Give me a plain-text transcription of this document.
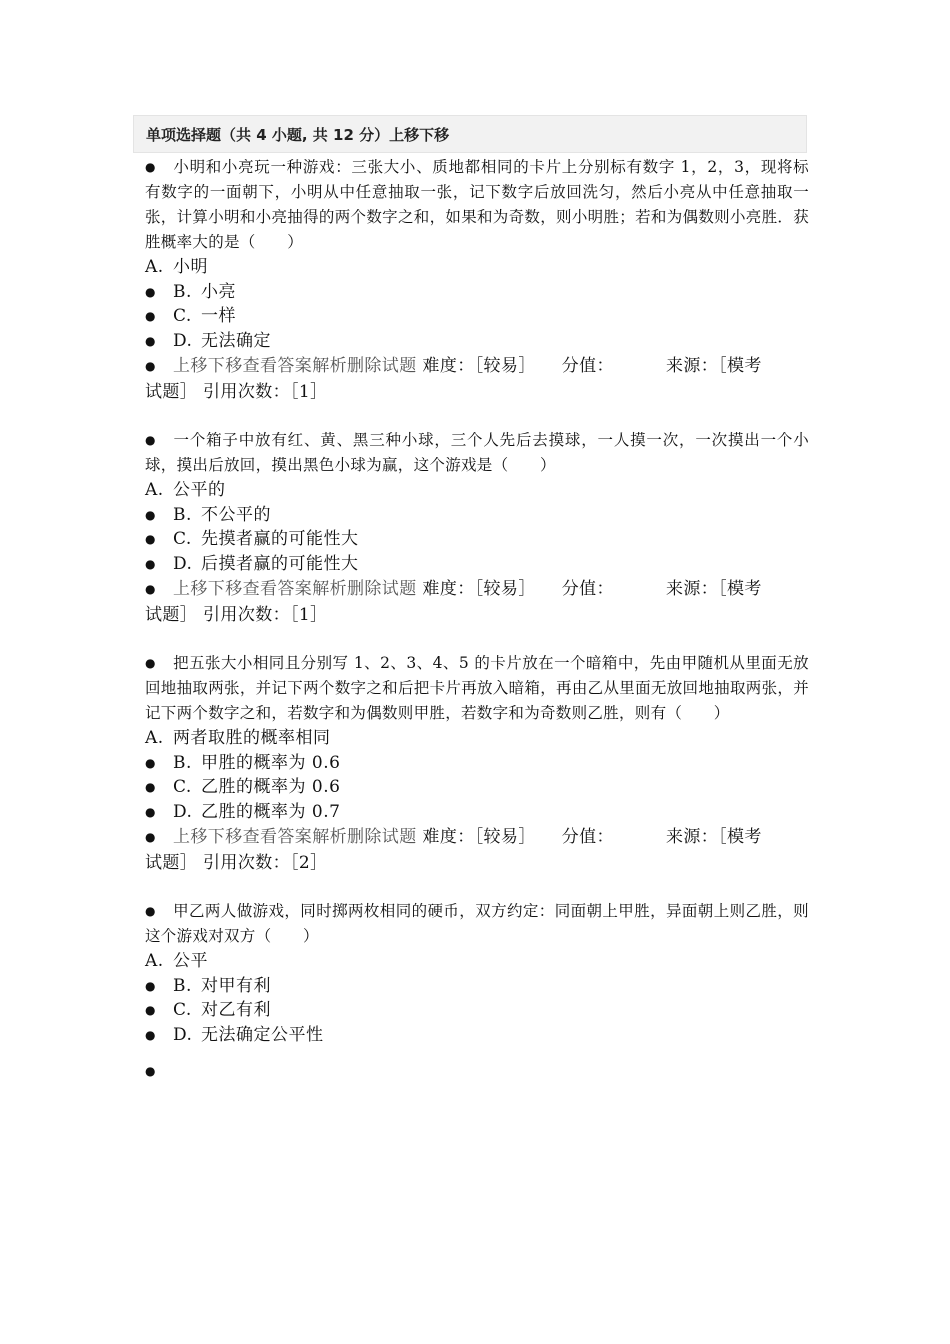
单项选择题（共 4 小题, 共 12 分） 上移下移

● 小明和小亮玩一种游戏：三张大小、质地都相同的卡片上分别标有数字 1，2，3，现将标有数字的一面朝下，小明从中任意抽取一张，记下数字后放回洗匀，然后小亮从中任意抽取一张，计算小明和小亮抽得的两个数字之和，如果和为奇数，则小明胜；若和为偶数则小亮胜．获胜概率大的是（　　）

A. 小明

● B. 小亮

● C. 一样

● D. 无法确定

● 上移下移查看答案解析删除试题 难度：［较易］ 分值：	来源：［模考
试题］ 引用次数：［1］

● 一个箱子中放有红、黄、黑三种小球，三个人先后去摸球，一人摸一次，一次摸出一个小球，摸出后放回，摸出黑色小球为赢，这个游戏是（　　）

A. 公平的

● B. 不公平的

● C. 先摸者赢的可能性大

● D. 后摸者赢的可能性大

● 上移下移查看答案解析删除试题 难度：［较易］ 分值：	来源：［模考
试题］ 引用次数：［1］

● 把五张大小相同且分别写 1、2、3、4、5 的卡片放在一个暗箱中，先由甲随机从里面无放回地抽取两张，并记下两个数字之和后把卡片再放入暗箱，再由乙从里面无放回地抽取两张，并记下两个数字之和，若数字和为偶数则甲胜，若数字和为奇数则乙胜，则有（　　）

A. 两者取胜的概率相同

● B. 甲胜的概率为 0.6

● C. 乙胜的概率为 0.6

● D. 乙胜的概率为 0.7

● 上移下移查看答案解析删除试题 难度：［较易］ 分值：	来源：［模考
试题］ 引用次数：［2］

● 甲乙两人做游戏，同时掷两枚相同的硬币，双方约定：同面朝上甲胜，异面朝上则乙胜，则这个游戏对双方（　　）

A. 公平

● B. 对甲有利

● C. 对乙有利

● D. 无法确定公平性

●
